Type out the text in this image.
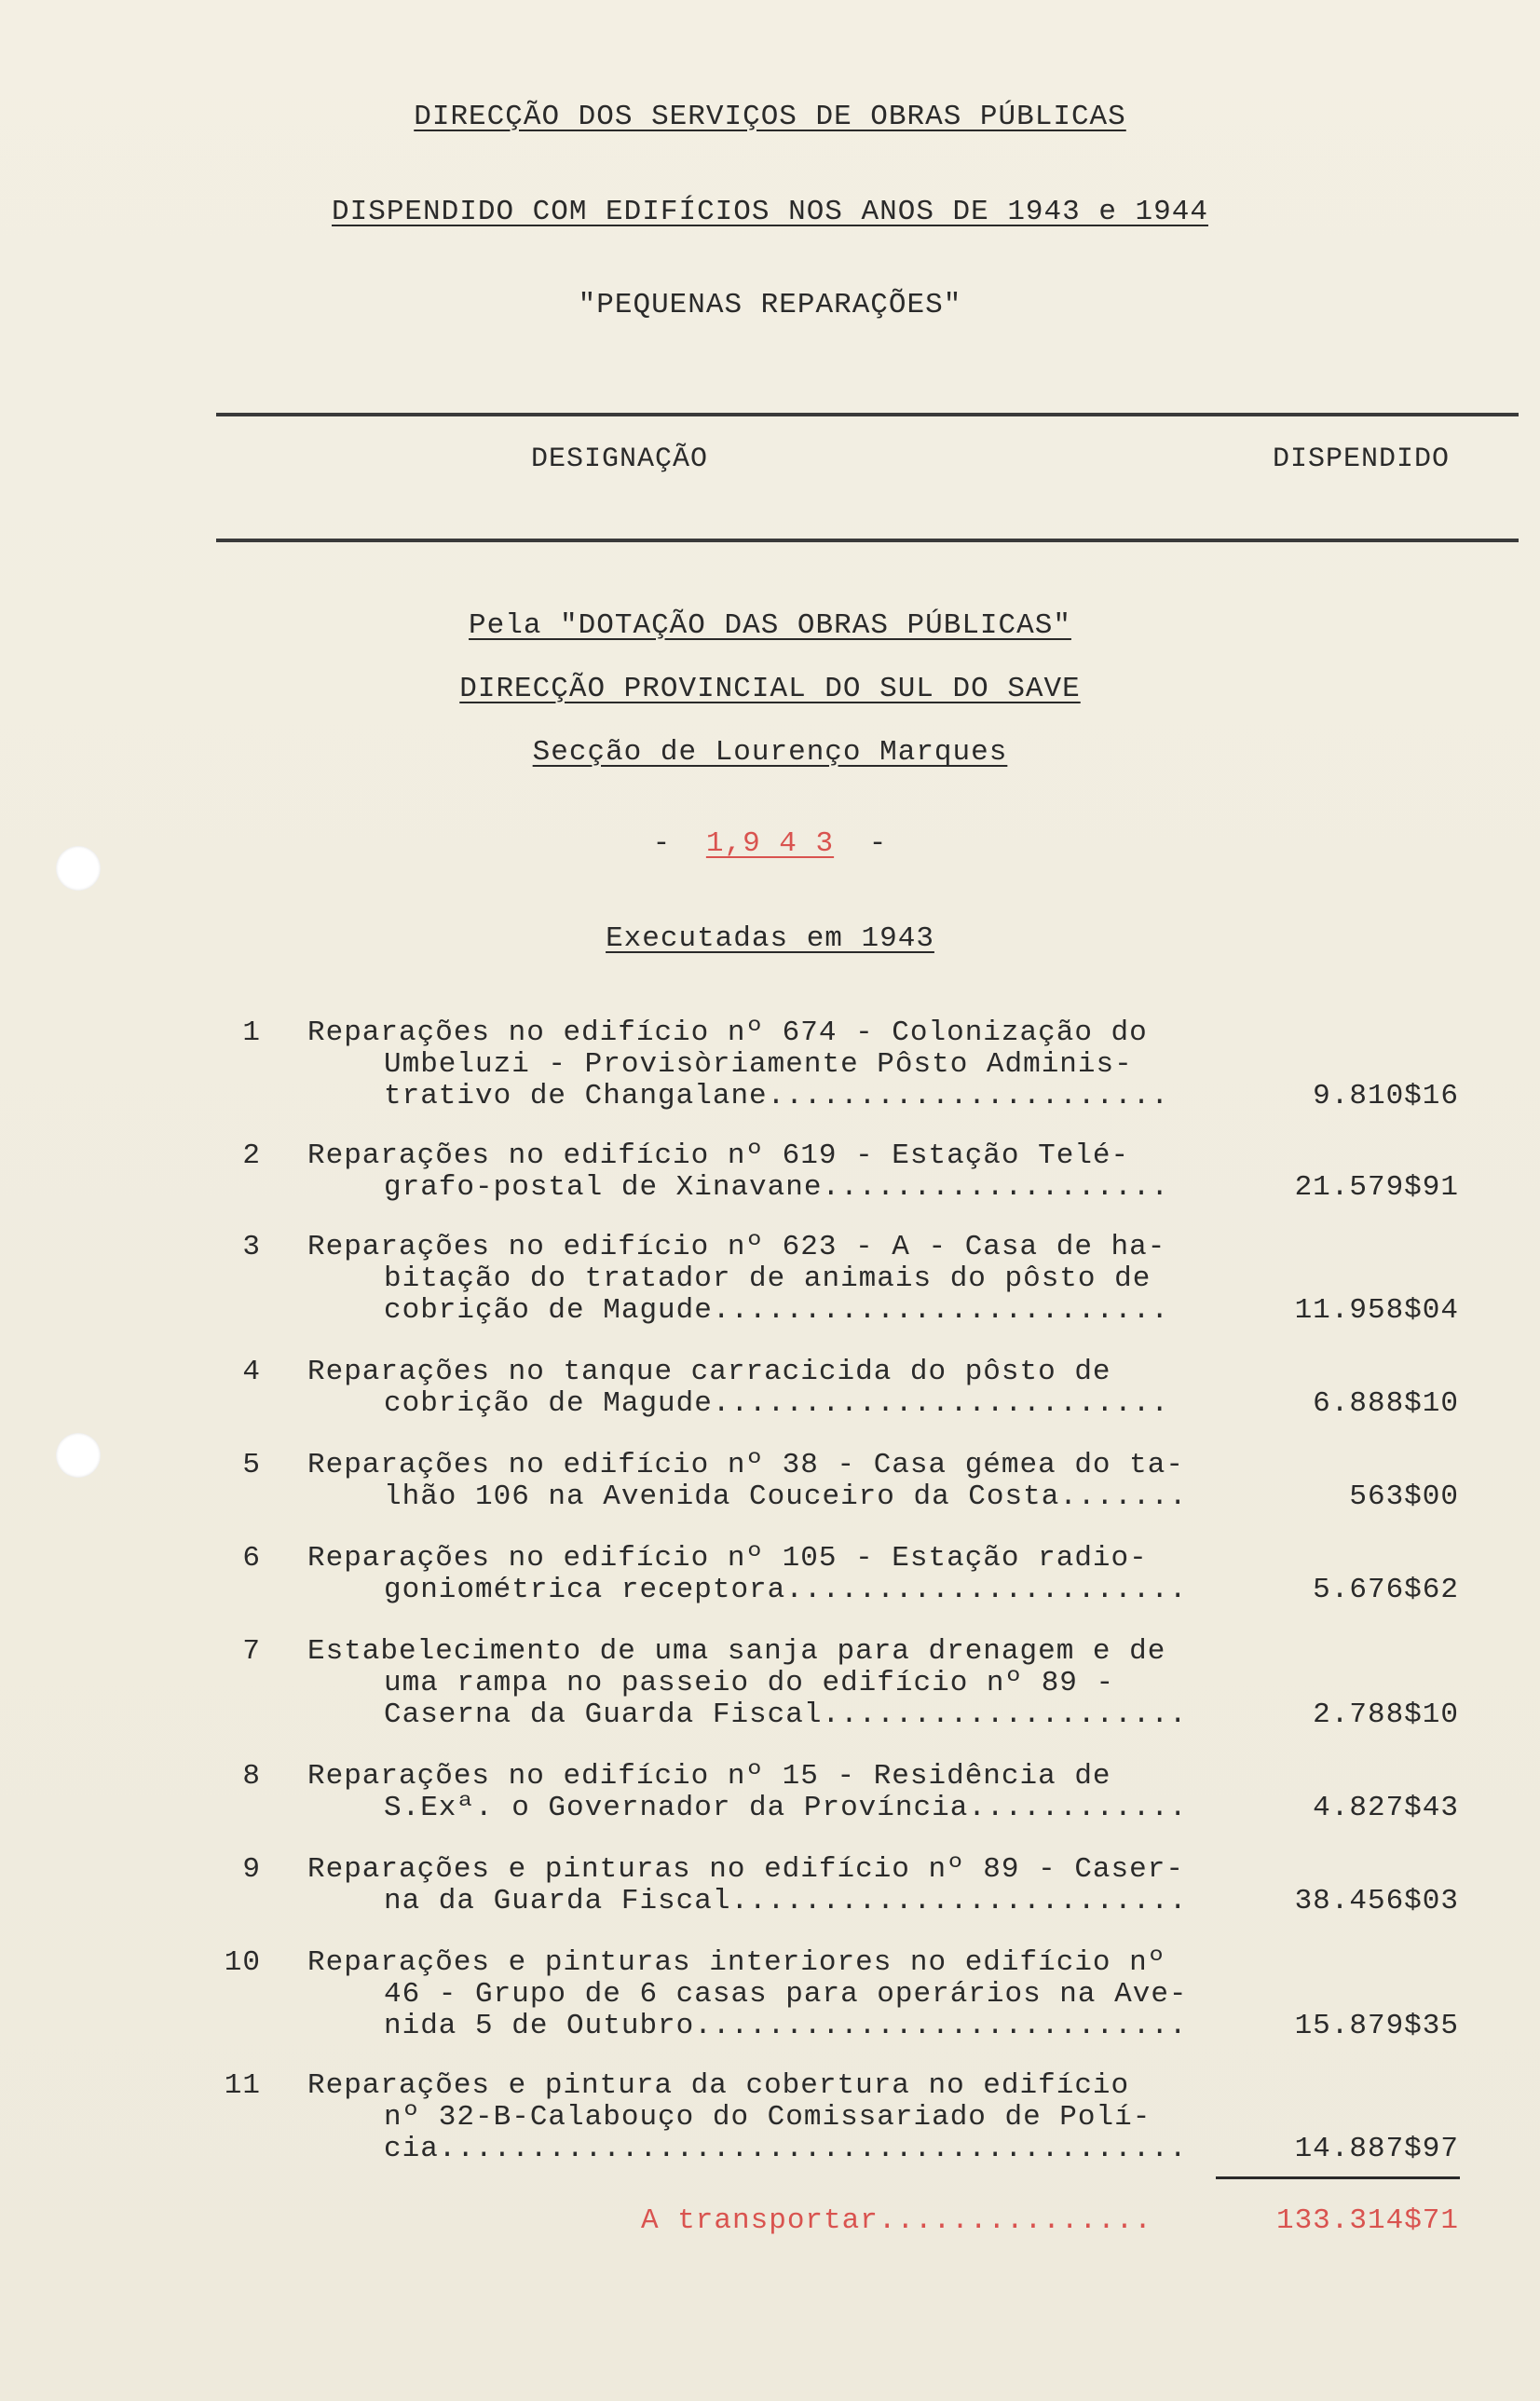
DIRECÇÃO DOS SERVIÇOS DE OBRAS PÚBLICAS
DISPENDIDO COM EDIFÍCIOS NOS ANOS DE 1943 e 1944
"PEQUENAS REPARAÇÕES"
DESIGNAÇÃO	DISPENDIDO
Pela "DOTAÇÃO DAS OBRAS PÚBLICAS"
DIRECÇÃO PROVINCIAL DO SUL DO SAVE
Secção de Lourenço Marques
- 1,9 4 3 -
Executadas em 1943
1 Reparações no edifício nº 674 - Colonização do
Umbeluzi - Provisòriamente Pôsto Adminis-
trativo de Changalane......................	9.810$16
2 Reparações no edifício nº 619 - Estação Telé-
grafo-postal de Xinavane...................	21.579$91
3 Reparações no edifício nº 623 - A - Casa de ha-
bitação do tratador de animais do pôsto de
cobrição de Magude.........................	11.958$04
4 Reparações no tanque carracicida do pôsto de
cobrição de Magude.........................	6.888$10
5 Reparações no edifício nº 38 - Casa gémea do ta-
lhão 106 na Avenida Couceiro da Costa.......	563$00
6 Reparações no edifício nº 105 - Estação radio-
goniométrica receptora......................	5.676$62
7 Estabelecimento de uma sanja para drenagem e de
uma rampa no passeio do edifício nº 89 -
Caserna da Guarda Fiscal....................	2.788$10
8 Reparações no edifício nº 15 - Residência de
S.Exª. o Governador da Província............	4.827$43
9 Reparações e pinturas no edifício nº 89 - Caser-
na da Guarda Fiscal.........................	38.456$03
10 Reparações e pinturas interiores no edifício nº
46 - Grupo de 6 casas para operários na Ave-
nida 5 de Outubro...........................	15.879$35
11 Reparações e pintura da cobertura no edifício
nº 32-B-Calabouço do Comissariado de Polí-
cia.........................................	14.887$97
A transportar...............	133.314$71
